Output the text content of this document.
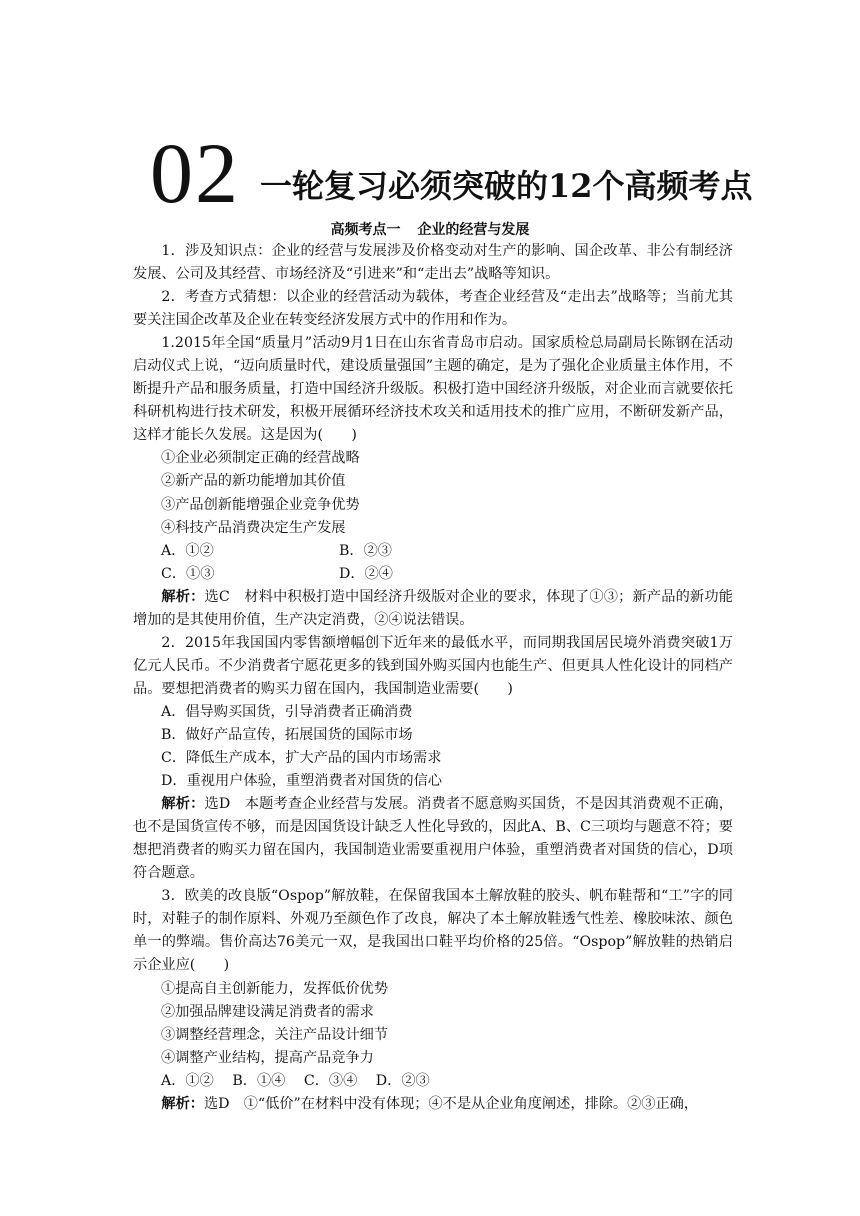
02 一轮复习必须突破的12个高频考点
高频考点一 企业的经营与发展

1．涉及知识点：企业的经营与发展涉及价格变动对生产的影响、国企改革、非公有制经济发展、公司及其经营、市场经济及“引进来”和“走出去”战略等知识。

2．考查方式猜想：以企业的经营活动为载体，考查企业经营及“走出去”战略等；当前尤其要关注国企改革及企业在转变经济发展方式中的作用和作为。

1.2015年全国“质量月”活动9月1日在山东省青岛市启动。国家质检总局副局长陈钢在活动启动仪式上说，“迈向质量时代，建设质量强国”主题的确定，是为了强化企业质量主体作用，不断提升产品和服务质量，打造中国经济升级版。积极打造中国经济升级版，对企业而言就要依托科研机构进行技术研发，积极开展循环经济技术攻关和适用技术的推广应用，不断研发新产品，这样才能长久发展。这是因为(　　)

①企业必须制定正确的经营战略

②新产品的新功能增加其价值

③产品创新能增强企业竞争优势

④科技产品消费决定生产发展

A．①②	B．②③

C．①③	D．②④

解析：选C　材料中积极打造中国经济升级版对企业的要求，体现了①③；新产品的新功能增加的是其使用价值，生产决定消费，②④说法错误。

2．2015年我国国内零售额增幅创下近年来的最低水平，而同期我国居民境外消费突破1万亿元人民币。不少消费者宁愿花更多的钱到国外购买国内也能生产、但更具人性化设计的同档产品。要想把消费者的购买力留在国内，我国制造业需要(　　)

A．倡导购买国货，引导消费者正确消费

B．做好产品宣传，拓展国货的国际市场

C．降低生产成本，扩大产品的国内市场需求

D．重视用户体验，重塑消费者对国货的信心

解析：选D　本题考查企业经营与发展。消费者不愿意购买国货，不是因其消费观不正确，也不是国货宣传不够，而是因国货设计缺乏人性化导致的，因此A、B、C三项均与题意不符；要想把消费者的购买力留在国内，我国制造业需要重视用户体验，重塑消费者对国货的信心，D项符合题意。

3．欧美的改良版“Ospop”解放鞋，在保留我国本土解放鞋的胶头、帆布鞋帮和“工”字的同时，对鞋子的制作原料、外观乃至颜色作了改良，解决了本土解放鞋透气性差、橡胶味浓、颜色单一的弊端。售价高达76美元一双，是我国出口鞋平均价格的25倍。“Ospop”解放鞋的热销启示企业应(　　)

①提高自主创新能力，发挥低价优势

②加强品牌建设满足消费者的需求

③调整经营理念，关注产品设计细节

④调整产业结构，提高产品竞争力

A．①② B．①④ C．③④ D．②③

解析：选D　①“低价”在材料中没有体现；④不是从企业角度阐述，排除。②③正确，
